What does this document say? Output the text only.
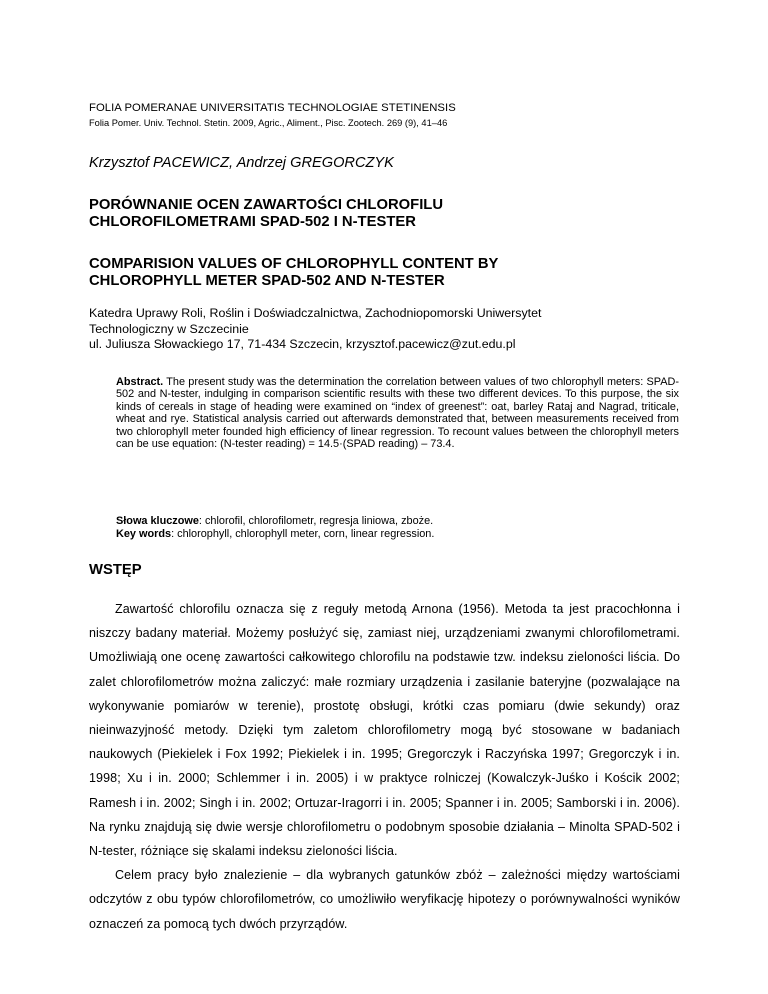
FOLIA POMERANAE UNIVERSITATIS TECHNOLOGIAE STETINENSIS
Folia Pomer. Univ. Technol. Stetin. 2009, Agric., Aliment., Pisc. Zootech. 269 (9), 41–46
Krzysztof PACEWICZ, Andrzej GREGORCZYK
PORÓWNANIE OCEN ZAWARTOŚCI CHLOROFILU
CHLOROFILOMETRAMI SPAD-502 I N-TESTER
COMPARISION VALUES OF CHLOROPHYLL CONTENT BY
CHLOROPHYLL METER SPAD-502 AND N-TESTER
Katedra Uprawy Roli, Roślin i Doświadczalnictwa, Zachodniopomorski Uniwersytet
Technologiczny w Szczecinie
ul. Juliusza Słowackiego 17, 71-434 Szczecin, krzysztof.pacewicz@zut.edu.pl
Abstract. The present study was the determination the correlation between values of two chlorophyll meters: SPAD-502 and N-tester, indulging in comparison scientific results with these two different devices. To this purpose, the six kinds of cereals in stage of heading were examined on “index of greenest”: oat, barley Rataj and Nagrad, triticale, wheat and rye. Statistical analysis carried out afterwards demonstrated that, between measurements received from two chlorophyll meter founded high efficiency of linear regression. To recount values between the chlorophyll meters can be use equation: (N-tester reading) = 14.5·(SPAD reading) – 73.4.
Słowa kluczowe: chlorofil, chlorofilometr, regresja liniowa, zboże.
Key words: chlorophyll, chlorophyll meter, corn, linear regression.
WSTĘP

Zawartość chlorofilu oznacza się z reguły metodą Arnona (1956). Metoda ta jest pracochłonna i niszczy badany materiał. Możemy posłużyć się, zamiast niej, urządzeniami zwanymi chlorofilometrami. Umożliwiają one ocenę zawartości całkowitego chlorofilu na podstawie tzw. indeksu zieloności liścia. Do zalet chlorofilometrów można zaliczyć: małe rozmiary urządzenia i zasilanie bateryjne (pozwalające na wykonywanie pomiarów w terenie), prostotę obsługi, krótki czas pomiaru (dwie sekundy) oraz nieinwazyjność metody. Dzięki tym zaletom chlorofilometry mogą być stosowane w badaniach naukowych (Piekielek i Fox 1992; Piekielek i in. 1995; Gregorczyk i Raczyńska 1997; Gregorczyk i in. 1998; Xu i in. 2000; Schlemmer i in. 2005) i w praktyce rolniczej (Kowalczyk-Juśko i Kościk 2002; Ramesh i in. 2002; Singh i in. 2002; Ortuzar-Iragorri i in. 2005; Spanner i in. 2005; Samborski i in. 2006). Na rynku znajdują się dwie wersje chlorofilometru o podobnym sposobie działania – Minolta SPAD-502 i N-tester, różniące się skalami indeksu zieloności liścia.

Celem pracy było znalezienie – dla wybranych gatunków zbóż – zależności między wartościami odczytów z obu typów chlorofilometrów, co umożliwiło weryfikację hipotezy o porównywalności wyników oznaczeń za pomocą tych dwóch przyrządów.
